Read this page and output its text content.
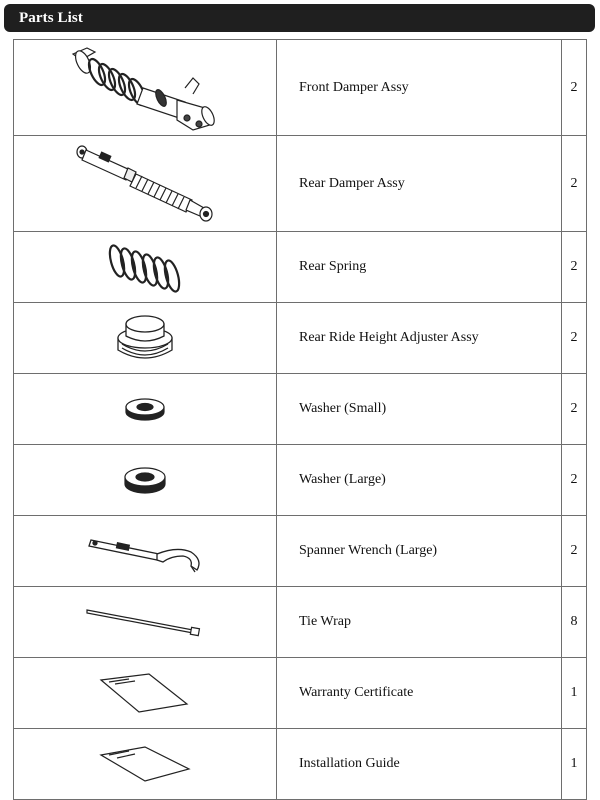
Parts List
	Front Damper Assy	2

	Rear Damper Assy	2

	Rear Spring	2

	Rear Ride Height Adjuster Assy	2

	Washer (Small)	2

	Washer (Large)	2

	Spanner Wrench (Large)	2

	Tie Wrap	8

	Warranty Certificate	1

	Installation Guide	1
